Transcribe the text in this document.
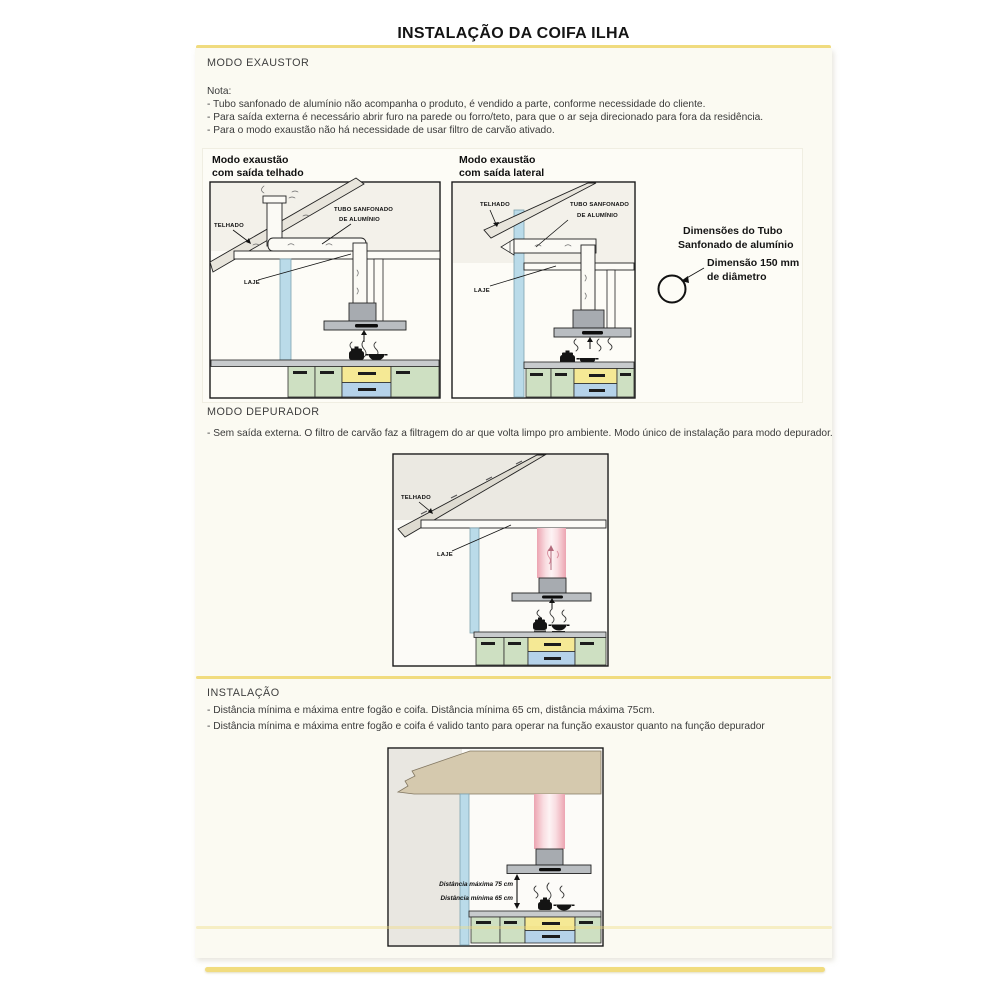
INSTALAÇÃO DA COIFA ILHA
MODO EXAUSTOR
Nota:
- Tubo sanfonado de alumínio não acompanha o produto, é vendido a parte, conforme necessidade do cliente.
- Para saída externa é necessário abrir furo na parede ou forro/teto, para que o ar seja direcionado para fora da residência.
- Para o modo exaustão não há necessidade de usar filtro de carvão ativado.
Modo exaustão
com saída telhado
TELHADO
TUBO SANFONADO
DE ALUMÍNIO
LAJE
Modo exaustão
com saída lateral
TELHADO	TUBO SANFONADO
DE ALUMÍNIO
LAJE
Dimensões do Tubo
Sanfonado de alumínio
Dimensão 150 mm
de diâmetro
MODO DEPURADOR
- Sem saída externa. O filtro de carvão faz a filtragem do ar que volta limpo pro ambiente. Modo único de instalação para modo depurador.
TELHADO
LAJE
INSTALAÇÃO
- Distância mínima e máxima entre fogão e coifa. Distância mínima 65 cm, distância máxima 75cm.
- Distância mínima e máxima entre fogão e coifa é valido tanto para operar na função exaustor quanto na função depurador
Distância máxima 75 cm
Distância mínima 65 cm
